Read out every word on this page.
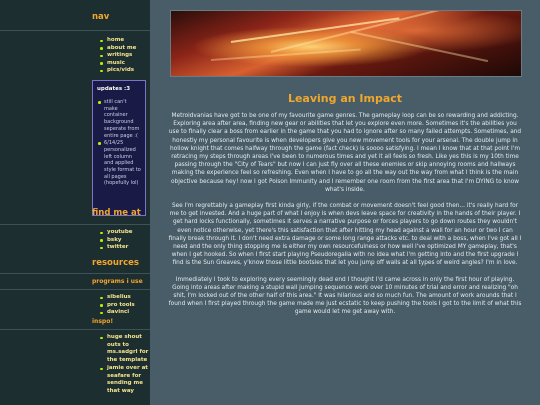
nav
home
about me
writings
music
pics/vids
updates :3
still can't make container background seperate from entire page :(
6/14/25 personalized left column and applied style format to all pages (hopefully lol)
find me at
youtube
bsky
twitter
resources
programs i use
sibelius
pro tools
davinci
inspo!
huge shout outs to ms.sadgrl for the template
jamie over at seafare for sending me that way
Leaving an Impact

Metroidvanias have got to be one of my favourite game genres. The gameplay loop can be so rewarding and addicting. Exploring area after area, finding new gear or abilities that let you explore even more. Sometimes it's the abilities you use to finally clear a boss from earlier in the game that you had to ignore after so many failed attempts. Sometimes, and honestly my personal favourite is when developers give you new movement tools for your arsenal. The double jump in hollow knight that comes halfway through the game (fact check) is soooo satisfying. I mean I know that at that point I'm retracing my steps through areas I've been to numerous times and yet it all feels so fresh. Like yes this is my 10th time passing through the "City of Tears" but now I can just fly over all these enemies or skip annoying rooms and hallways making the experience feel so refreshing. Even when I have to go all the way out the way from what I think is the main objective because hey! now I got Poison Immunity and I remember one room from the first area that I'm DYING to know what's inside.

See I'm regrettably a gameplay first kinda girly, if the combat or movement doesn't feel good then... it's really hard for me to get invested. And a huge part of what I enjoy is when devs leave space for creativity in the hands of their player. I get hard locks functionally, sometimes it serves a narrative purpose or forces players to go down routes they wouldn't even notice otherwise, yet there's this satisfaction that after hitting my head against a wall for an hour or two I can finally break through it. I don't need extra damage or some long range attacks etc. to deal with a boss, when I've got all I need and the only thing stopping me is either my own resourcefulness or how well I've optimized MY gameplay, that's when I get hooked. So when I first start playing Pseudoregalia with no idea what I'm getting into and the first upgrade I find is the Sun Greaves, y'know those little bootsies that let you jump off walls at all types of weird angles? I'm in love.

Immediately I took to exploring every seemingly dead end I thought I'd came across in only the first hour of playing. Going into areas after making a stupid wall jumping sequence work over 10 minutes of trial and error and realizing "oh shit, I'm locked out of the other half of this area." It was hilarious and so much fun. The amount of work arounds that I found when I first played through the game made me just ecstatic to keep pushing the tools I got to the limit of what this game would let me get away with.
